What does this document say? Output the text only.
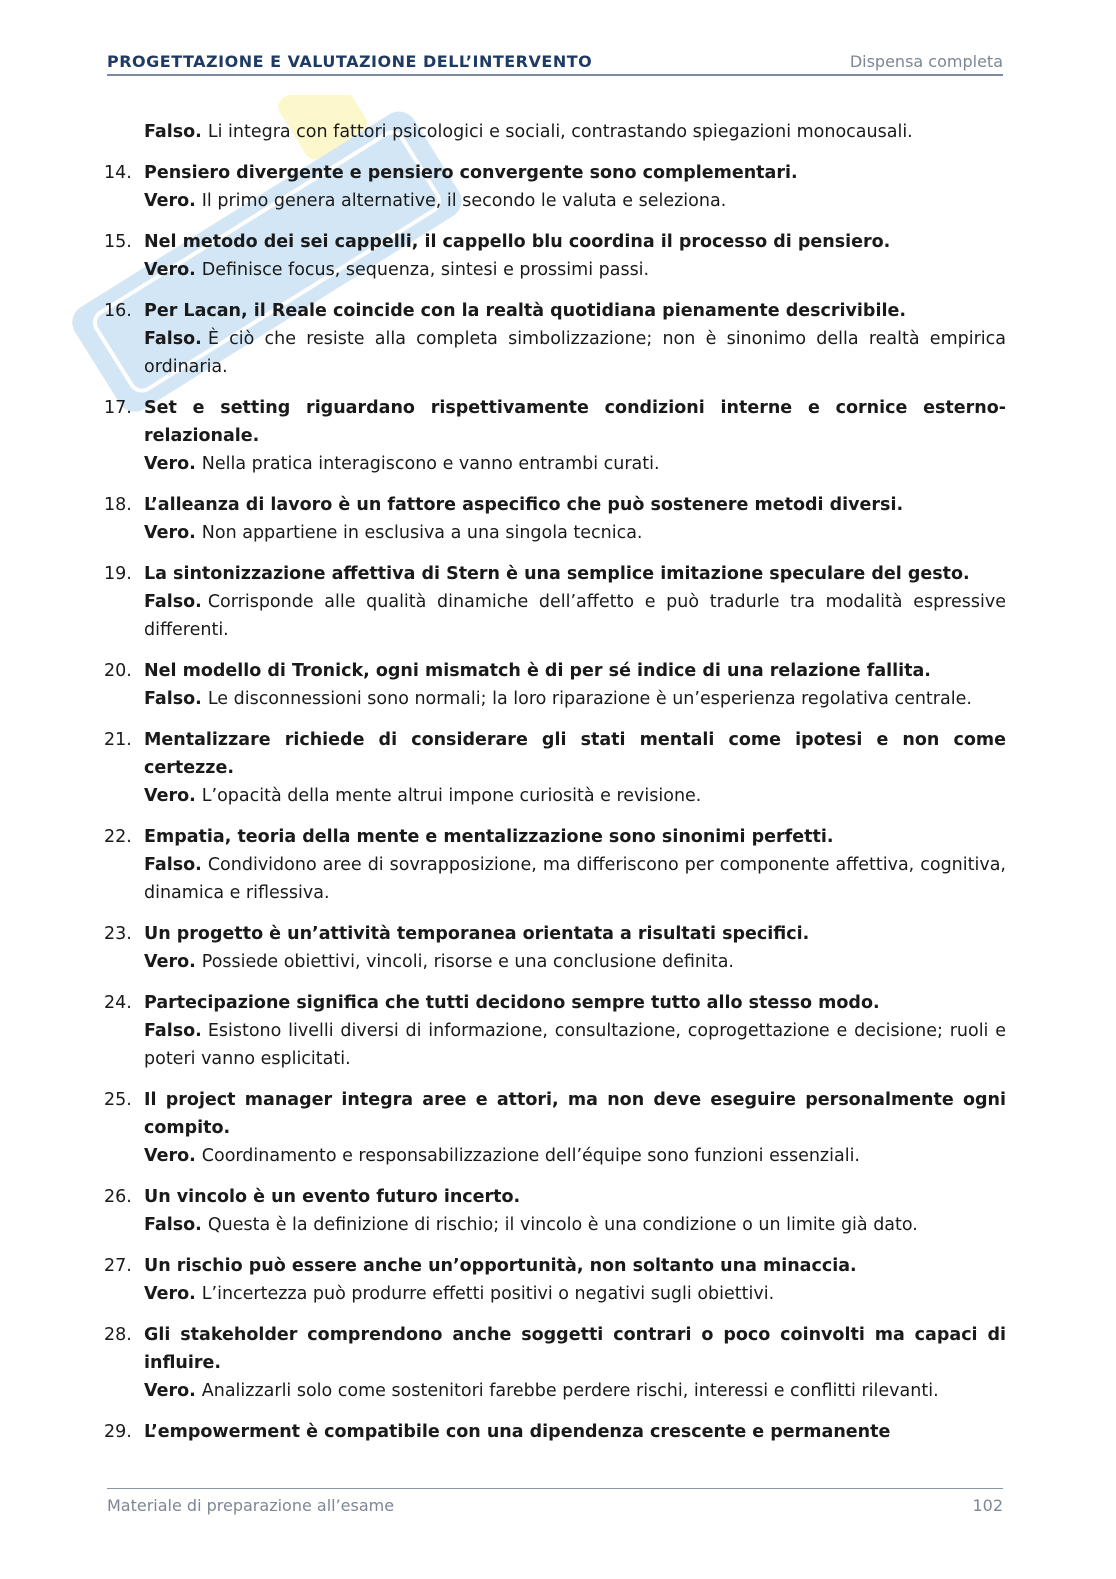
PROGETTAZIONE E VALUTAZIONE DELL’INTERVENTO	Dispensa completa
Falso. Li integra con fattori psicologici e sociali, contrastando spiegazioni monocausali.
14. Pensiero divergente e pensiero convergente sono complementari.
Vero. Il primo genera alternative, il secondo le valuta e seleziona.
15. Nel metodo dei sei cappelli, il cappello blu coordina il processo di pensiero.
Vero. Definisce focus, sequenza, sintesi e prossimi passi.
16. Per Lacan, il Reale coincide con la realtà quotidiana pienamente descrivibile.
Falso. È ciò che resiste alla completa simbolizzazione; non è sinonimo della realtà empirica ordinaria.
17. Set e setting riguardano rispettivamente condizioni interne e cornice esterno-relazionale.
Vero. Nella pratica interagiscono e vanno entrambi curati.
18. L’alleanza di lavoro è un fattore aspecifico che può sostenere metodi diversi.
Vero. Non appartiene in esclusiva a una singola tecnica.
19. La sintonizzazione affettiva di Stern è una semplice imitazione speculare del gesto.
Falso. Corrisponde alle qualità dinamiche dell’affetto e può tradurle tra modalità espressive differenti.
20. Nel modello di Tronick, ogni mismatch è di per sé indice di una relazione fallita.
Falso. Le disconnessioni sono normali; la loro riparazione è un’esperienza regolativa centrale.
21. Mentalizzare richiede di considerare gli stati mentali come ipotesi e non come certezze.
Vero. L’opacità della mente altrui impone curiosità e revisione.
22. Empatia, teoria della mente e mentalizzazione sono sinonimi perfetti.
Falso. Condividono aree di sovrapposizione, ma differiscono per componente affettiva, cognitiva, dinamica e riflessiva.
23. Un progetto è un’attività temporanea orientata a risultati specifici.
Vero. Possiede obiettivi, vincoli, risorse e una conclusione definita.
24. Partecipazione significa che tutti decidono sempre tutto allo stesso modo.
Falso. Esistono livelli diversi di informazione, consultazione, coprogettazione e decisione; ruoli e poteri vanno esplicitati.
25. Il project manager integra aree e attori, ma non deve eseguire personalmente ogni compito.
Vero. Coordinamento e responsabilizzazione dell’équipe sono funzioni essenziali.
26. Un vincolo è un evento futuro incerto.
Falso. Questa è la definizione di rischio; il vincolo è una condizione o un limite già dato.
27. Un rischio può essere anche un’opportunità, non soltanto una minaccia.
Vero. L’incertezza può produrre effetti positivi o negativi sugli obiettivi.
28. Gli stakeholder comprendono anche soggetti contrari o poco coinvolti ma capaci di influire.
Vero. Analizzarli solo come sostenitori farebbe perdere rischi, interessi e conflitti rilevanti.
29. L’empowerment è compatibile con una dipendenza crescente e permanente
Materiale di preparazione all’esame	102
